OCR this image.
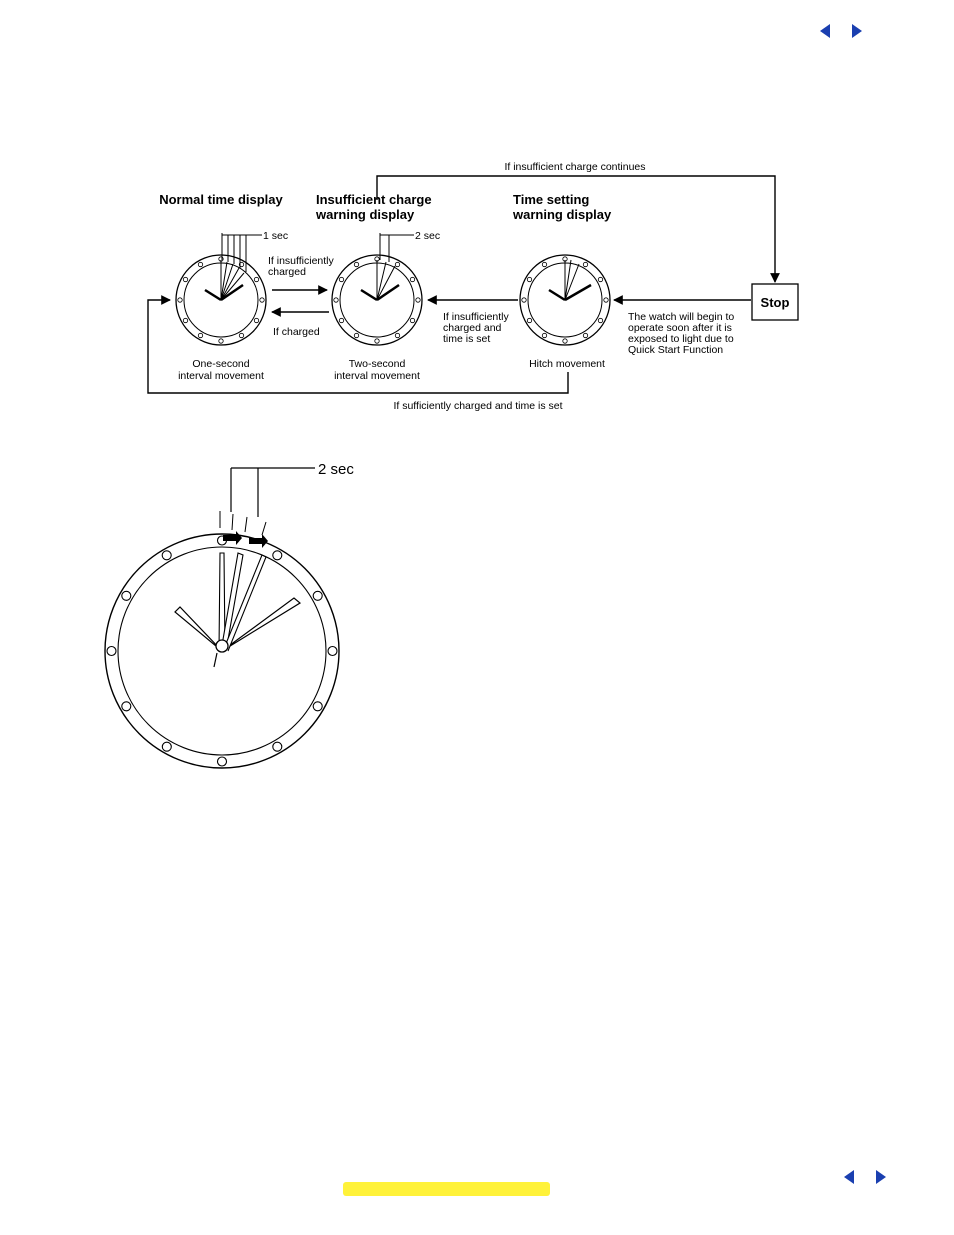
If insufficient charge continues
If sufficiently charged and time is set
Normal time display	Insufficient charge
warning display
Time setting
warning display
1 sec
One-second
interval movement
2 sec
Two-second
interval movement
Hitch movement
Stop
If insufficiently
charged
If charged
If insufficiently
charged and
time is set
The watch will begin to
operate soon after it is
exposed to light due to
Quick Start Function
2 sec
